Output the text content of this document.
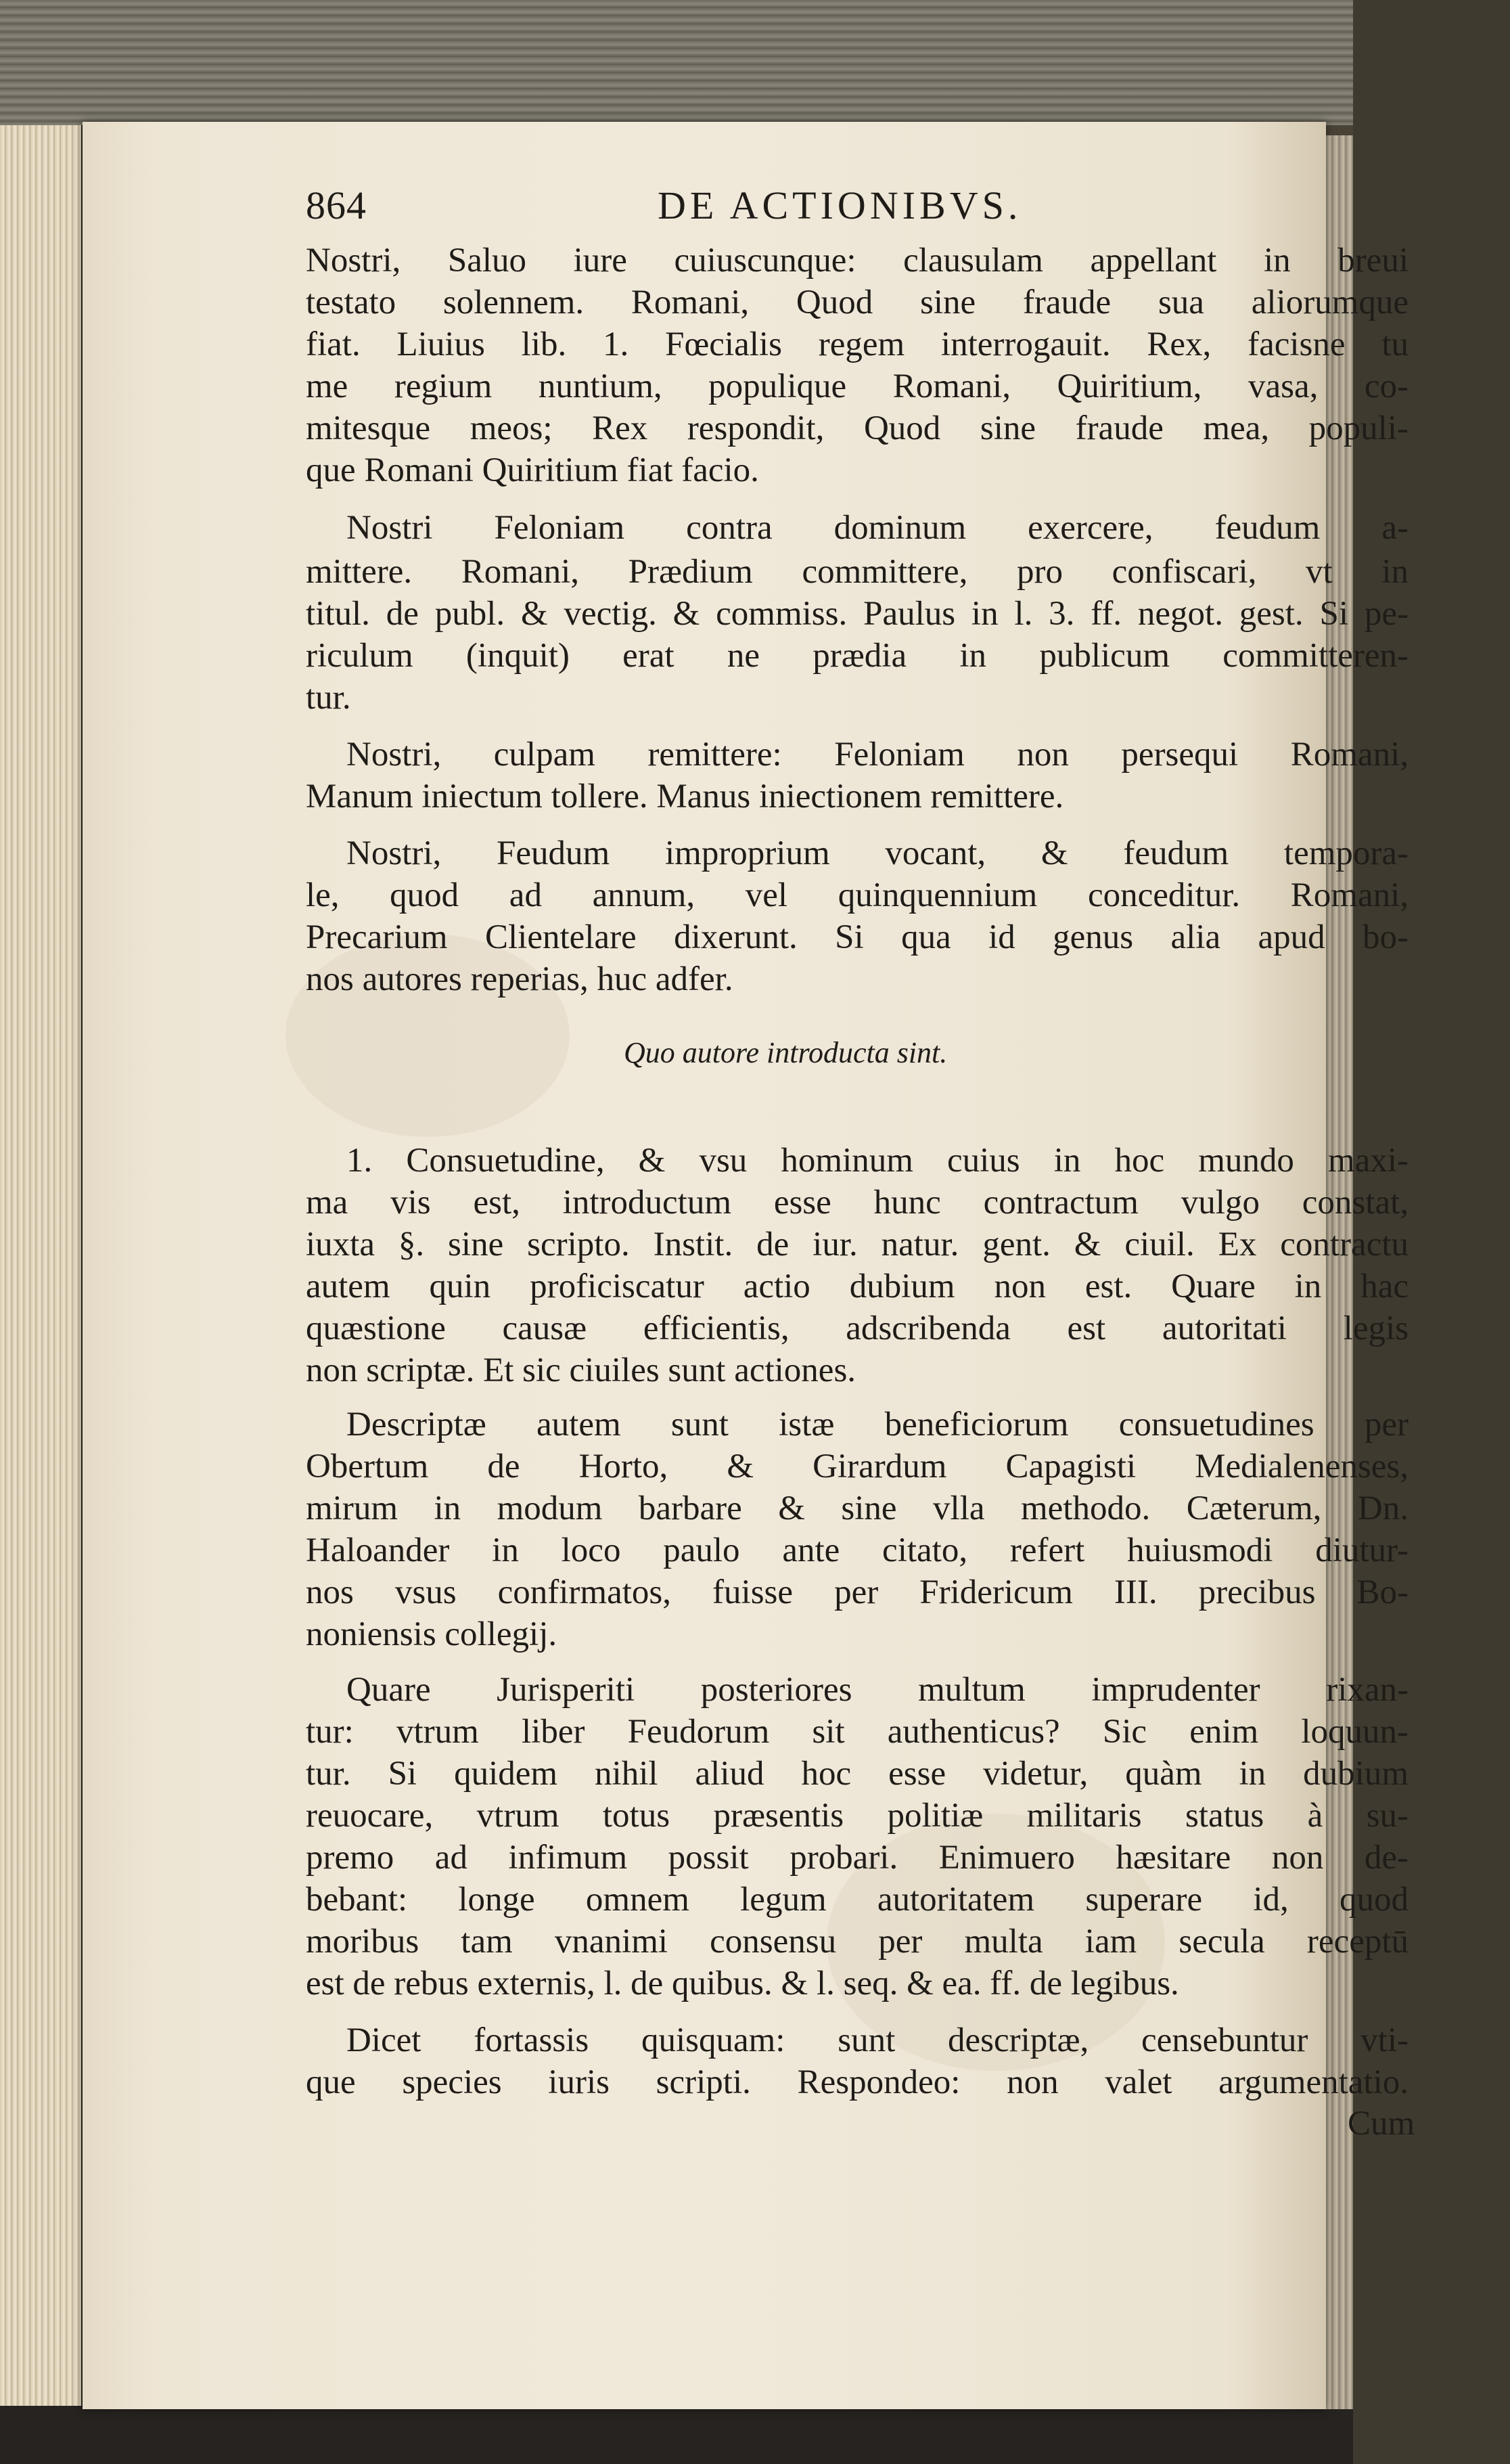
864	DE ACTIONIBVS.
Nostri, Saluo iure cuiuscunque: clausulam appellant in breui
testato solennem. Romani, Quod sine fraude sua aliorumque
fiat. Liuius lib. 1. Fœcialis regem interrogauit. Rex, facisne tu
me regium nuntium, populique Romani, Quiritium, vasa, co-
mitesque meos; Rex respondit, Quod sine fraude mea, populi-
que Romani Quiritium fiat facio.
Nostri Feloniam contra dominum exercere, feudum a-
mittere. Romani, Prædium committere, pro confiscari, vt in
titul. de publ. & vectig. & commiss. Paulus in l. 3. ff. negot. gest. Si pe-
riculum (inquit) erat ne prædia in publicum committeren-
tur.
Nostri, culpam remittere: Feloniam non persequi Romani,
Manum iniectum tollere. Manus iniectionem remittere.
Nostri, Feudum improprium vocant, & feudum tempora-
le, quod ad annum, vel quinquennium conceditur. Romani,
Precarium Clientelare dixerunt. Si qua id genus alia apud bo-
nos autores reperias, huc adfer.
Quo autore introducta sint.
1. Consuetudine, & vsu hominum cuius in hoc mundo maxi-
ma vis est, introductum esse hunc contractum vulgo constat,
iuxta §. sine scripto. Instit. de iur. natur. gent. & ciuil. Ex contractu
autem quin proficiscatur actio dubium non est. Quare in hac
quæstione causæ efficientis, adscribenda est autoritati legis
non scriptæ. Et sic ciuiles sunt actiones.
Descriptæ autem sunt istæ beneficiorum consuetudines per
Obertum de Horto, & Girardum Capagisti Medialenenses,
mirum in modum barbare & sine vlla methodo. Cæterum, Dn.
Haloander in loco paulo ante citato, refert huiusmodi diutur-
nos vsus confirmatos, fuisse per Fridericum III. precibus Bo-
noniensis collegij.
Quare Jurisperiti posteriores multum imprudenter rixan-
tur: vtrum liber Feudorum sit authenticus? Sic enim loquun-
tur. Si quidem nihil aliud hoc esse videtur, quàm in dubium
reuocare, vtrum totus præsentis politiæ militaris status à su-
premo ad infimum possit probari. Enimuero hæsitare non de-
bebant: longe omnem legum autoritatem superare id, quod
moribus tam vnanimi consensu per multa iam secula receptū
est de rebus externis, l. de quibus. & l. seq. & ea. ff. de legibus.
Dicet fortassis quisquam: sunt descriptæ, censebuntur vti-
que species iuris scripti. Respondeo: non valet argumentatio.
Cum
